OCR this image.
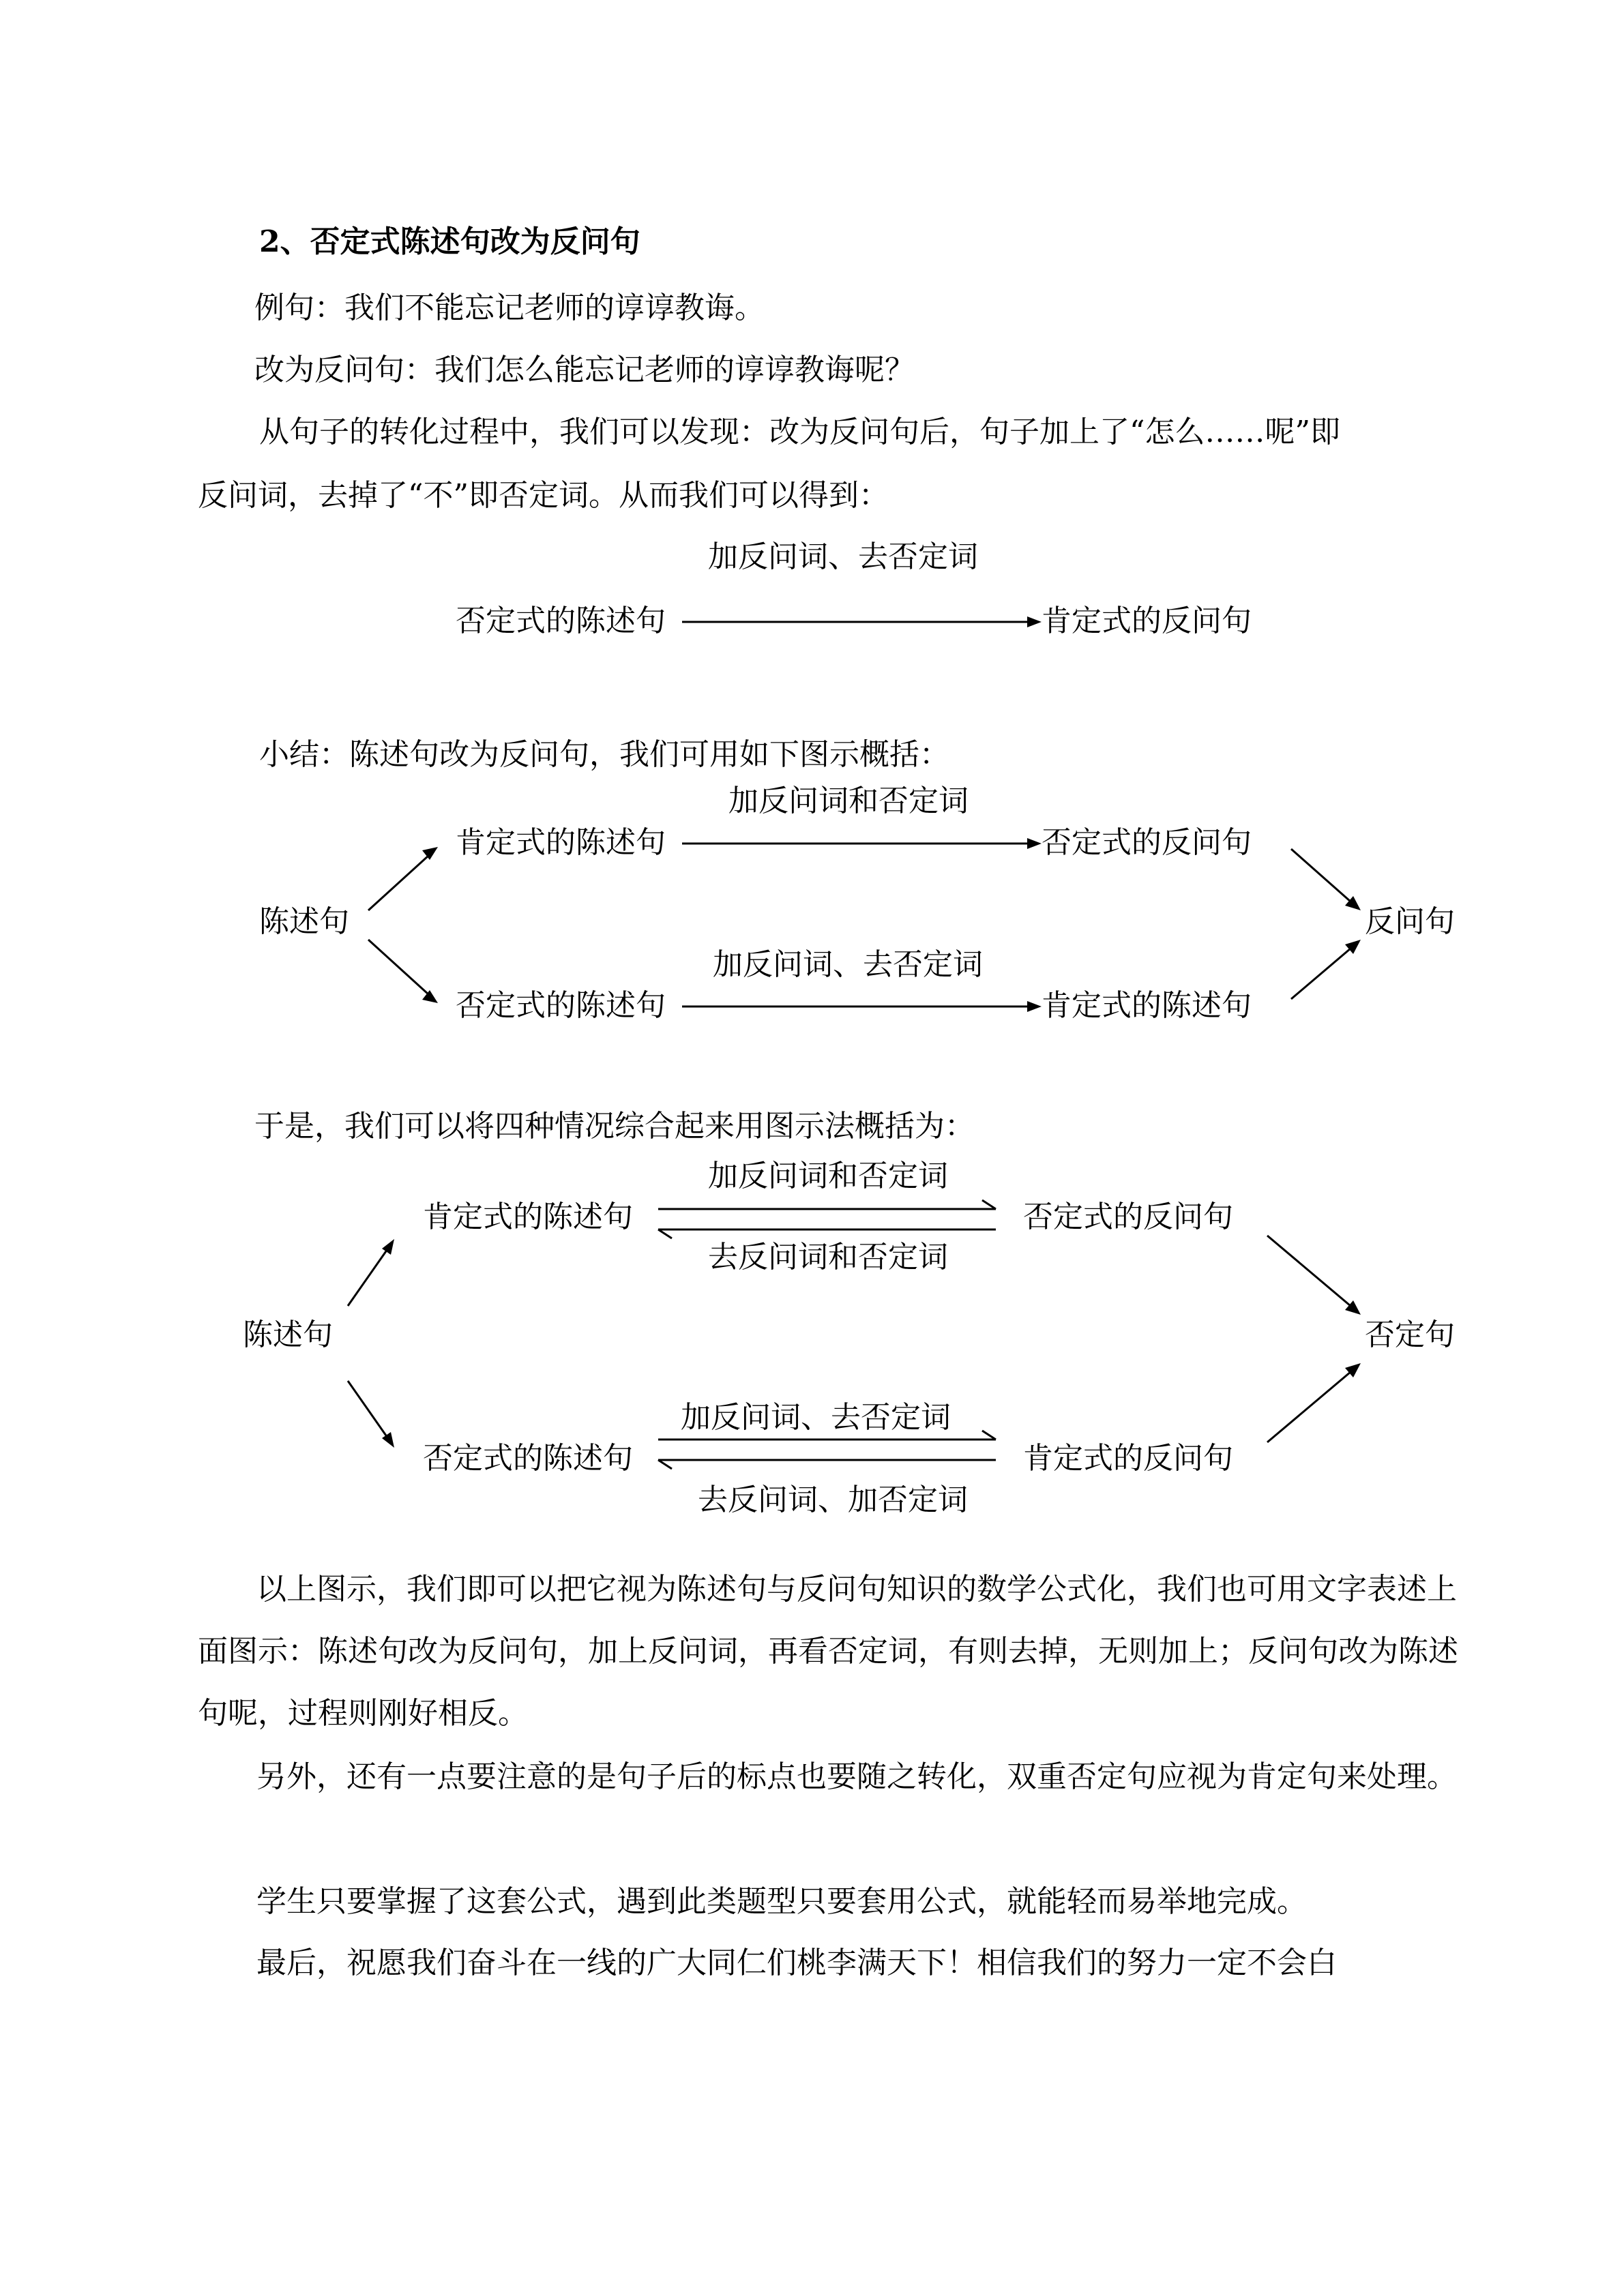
2、否定式陈述句改为反问句
例句：我们不能忘记老师的谆谆教诲。
改为反问句：我们怎么能忘记老师的谆谆教诲呢？
从句子的转化过程中，我们可以发现：改为反问句后，句子加上了“怎么……呢”即
反问词，去掉了“不”即否定词。从而我们可以得到：
加反问词、去否定词
否定式的陈述句	肯定式的反问句
小结：陈述句改为反问句，我们可用如下图示概括：
陈述句	反问句
加反问词和否定词
肯定式的陈述句	否定式的反问句
加反问词、去否定词
否定式的陈述句	肯定式的陈述句
于是，我们可以将四种情况综合起来用图示法概括为：
陈述句	否定句
加反问词和否定词
肯定式的陈述句	否定式的反问句
去反问词和否定词
加反问词、去否定词
否定式的陈述句	肯定式的反问句
去反问词、加否定词
以上图示，我们即可以把它视为陈述句与反问句知识的数学公式化，我们也可用文字表述上面图示：陈述句改为反问句，加上反问词，再看否定词，有则去掉，无则加上；反问句改为陈述句呢，过程则刚好相反。
另外，还有一点要注意的是句子后的标点也要随之转化，双重否定句应视为肯定句来处理。
学生只要掌握了这套公式，遇到此类题型只要套用公式，就能轻而易举地完成。
最后，祝愿我们奋斗在一线的广大同仁们桃李满天下！相信我们的努力一定不会白
